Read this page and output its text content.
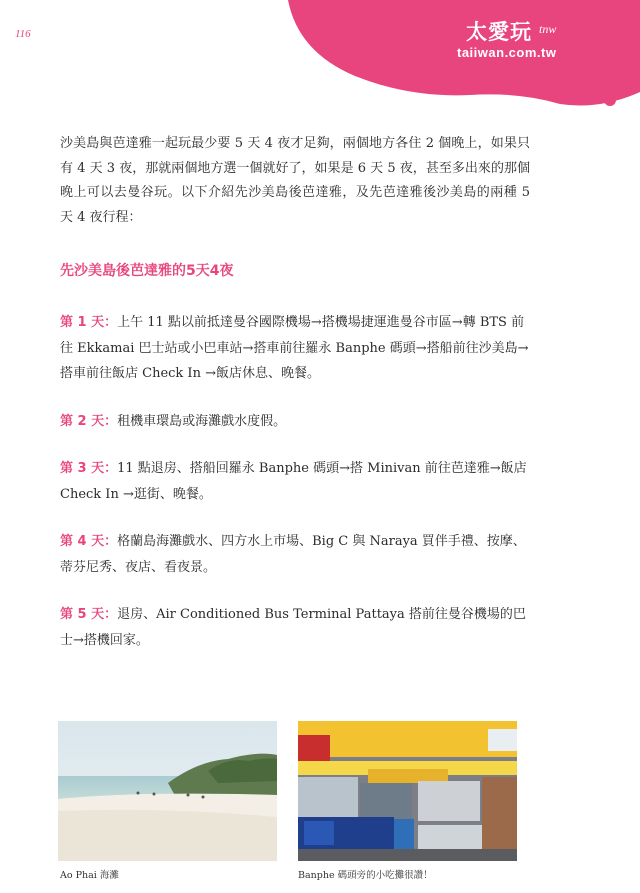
116	太愛玩 tnw
taiiwan.com.tw

沙美島與芭達雅一起玩最少要 5 天 4 夜才足夠，兩個地方各住 2 個晚上，如果只有 4 天 3 夜，那就兩個地方選一個就好了，如果是 6 天 5 夜，甚至多出來的那個晚上可以去曼谷玩。以下介紹先沙美島後芭達雅，及先芭達雅後沙美島的兩種 5 天 4 夜行程：

先沙美島後芭達雅的5天4夜

第 1 天：上午 11 點以前抵達曼谷國際機場→搭機場捷運進曼谷市區→轉 BTS 前往 Ekkamai 巴士站或小巴車站→搭車前往羅永 Banphe 碼頭→搭船前往沙美島→搭車前往飯店 Check In →飯店休息、晚餐。

第 2 天：租機車環島或海灘戲水度假。

第 3 天：11 點退房、搭船回羅永 Banphe 碼頭→搭 Minivan 前往芭達雅→飯店 Check In →逛街、晚餐。

第 4 天：格蘭島海灘戲水、四方水上市場、Big C 與 Naraya 買伴手禮、按摩、蒂芬尼秀、夜店、看夜景。

第 5 天：退房、Air Conditioned Bus Terminal Pattaya 搭前往曼谷機場的巴士→搭機回家。

Ao Phai 海灘	Banphe 碼頭旁的小吃攤很讚！
